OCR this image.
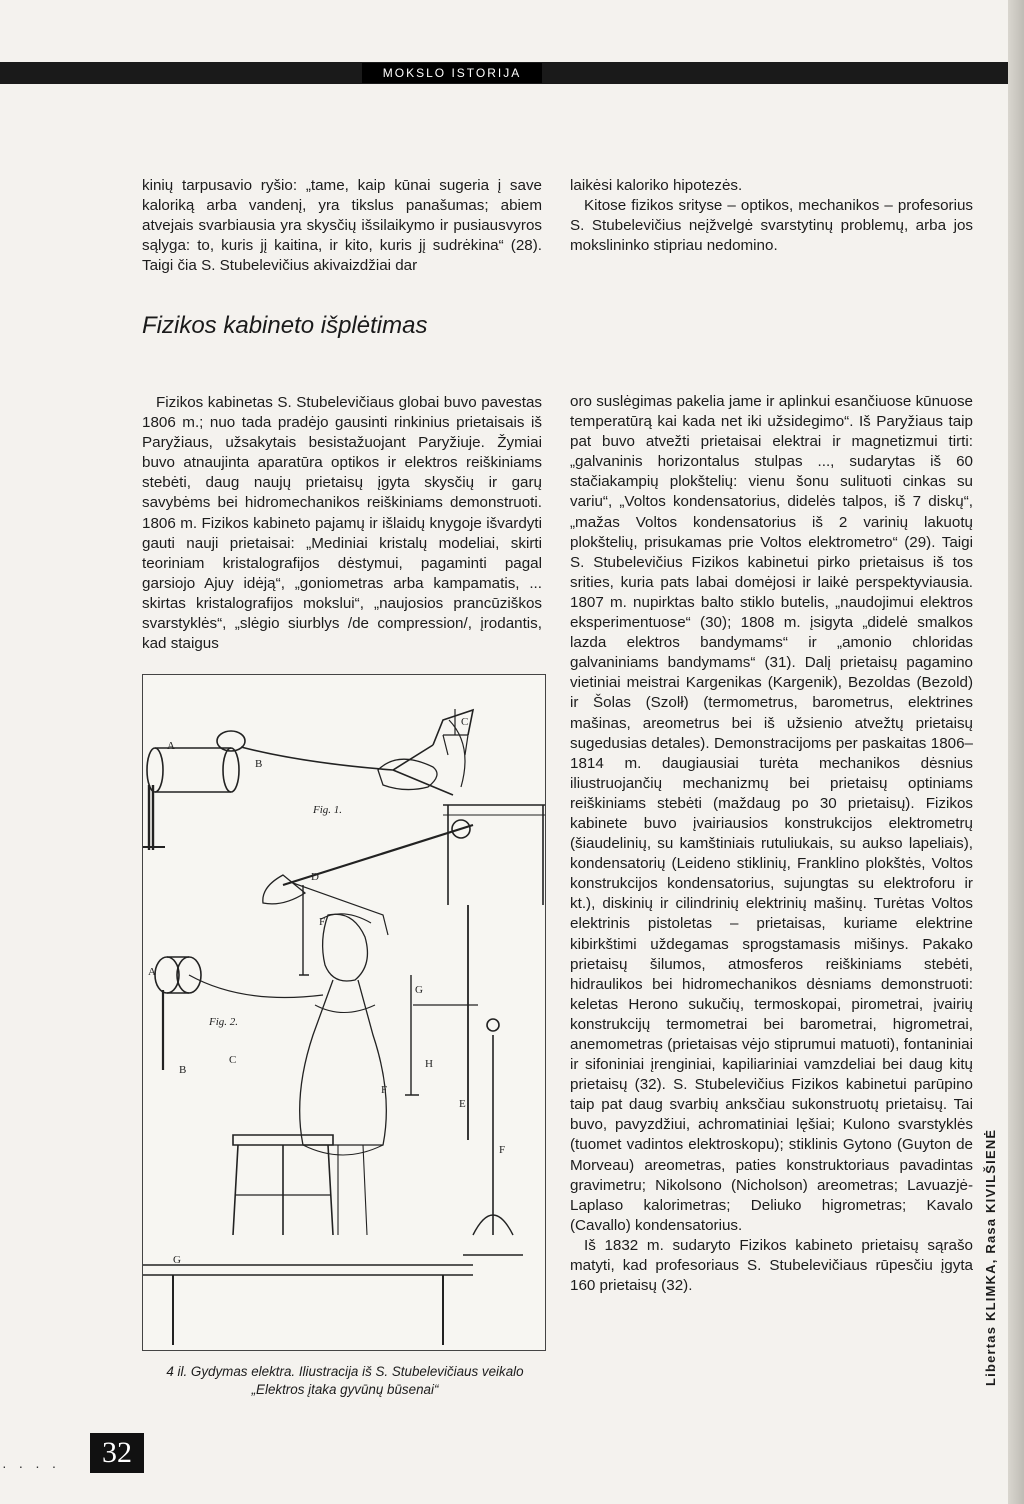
MOKSLO ISTORIJA

kinių tarpusavio ryšio: „tame, kaip kūnai sugeria į save kaloriką arba vandenį, yra tikslus panašumas; abiem atvejais svarbiausia yra skysčių išsilaikymo ir pusiausvyros sąlyga: to, kuris jį kaitina, ir kito, kuris jį sudrėkina“ (28). Taigi čia S. Stubelevičius akivaizdžiai dar

Fizikos kabineto išplėtimas

Fizikos kabinetas S. Stubelevičiaus globai buvo pavestas 1806 m.; nuo tada pradėjo gausinti rinkinius prietaisais iš Paryžiaus, užsakytais besistažuojant Paryžiuje. Žymiai buvo atnaujinta aparatūra optikos ir elektros reiškiniams stebėti, daug naujų prietaisų įgyta skysčių ir garų savybėms bei hidromechanikos reiškiniams demonstruoti. 1806 m. Fizikos kabineto pajamų ir išlaidų knygoje išvardyti gauti nauji prietaisai: „Mediniai kristalų modeliai, skirti teoriniam kristalografijos dėstymui, pagaminti pagal garsiojo Ajuy idėją“, „goniometras arba kampamatis, ... skirtas kristalografijos mokslui“, „naujosios prancūziškos svarstyklės“, „slėgio siurblys /de compression/, įrodantis, kad staigus

laikėsi kaloriko hipotezės.

Kitose fizikos srityse – optikos, mechanikos – profesorius S. Stubelevičius neįžvelgė svarstytinų problemų, arba jos mokslininko stipriau nedomino.

oro suslėgimas pakelia jame ir aplinkui esančiuose kūnuose temperatūrą kai kada net iki užsidegimo“. Iš Paryžiaus taip pat buvo atvežti prietaisai elektrai ir magnetizmui tirti: „galvaninis horizontalus stulpas ..., sudarytas iš 60 stačiakampių plokštelių: vienu šonu sulituoti cinkas su variu“, „Voltos kondensatorius, didelės talpos, iš 7 diskų“, „mažas Voltos kondensatorius iš 2 varinių lakuotų plokštelių, prisukamas prie Voltos elektrometro“ (29). Taigi S. Stubelevičius Fizikos kabinetui pirko prietaisus iš tos srities, kuria pats labai domėjosi ir laikė perspektyviausia. 1807 m. nupirktas balto stiklo butelis, „naudojimui elektros eksperimentuose“ (30); 1808 m. įsigyta „didelė smalkos lazda elektros bandymams“ ir „amonio chloridas galvaniniams bandymams“ (31). Dalį prietaisų pagamino vietiniai meistrai Kargenikas (Kargenik), Bezoldas (Bezold) ir Šolas (Szolł) (termometrus, barometrus, elektrines mašinas, areometrus bei iš užsienio atvežtų prietaisų sugedusias detales). Demonstracijoms per paskaitas 1806–1814 m. daugiausiai turėta mechanikos dėsnius iliustruojančių mechanizmų bei prietaisų optiniams reiškiniams stebėti (maždaug po 30 prietaisų). Fizikos kabinete buvo įvairiausios konstrukcijos elektrometrų (šiaudelinių, su kamštiniais rutuliukais, su aukso lapeliais), kondensatorių (Leideno stiklinių, Franklino plokštės, Voltos konstrukcijos kondensatorius, sujungtas su elektroforu ir kt.), diskinių ir cilindrinių elektrinių mašinų. Turėtas Voltos elektrinis pistoletas – prietaisas, kuriame elektrine kibirkštimi uždegamas sprogstamasis mišinys. Pakako prietaisų šilumos, atmosferos reiškiniams stebėti, hidraulikos bei hidromechanikos dėsniams demonstruoti: keletas Herono sukučių, termoskopai, pirometrai, įvairių konstrukcijų termometrai bei barometrai, higrometrai, anemometras (prietaisas vėjo stiprumui matuoti), fontaniniai ir sifoniniai įrenginiai, kapiliariniai vamzdeliai bei daug kitų prietaisų (32). S. Stubelevičius Fizikos kabinetui parūpino taip pat daug svarbių anksčiau sukonstruotų prietaisų. Tai buvo, pavyzdžiui, achromatiniai lęšiai; Kulono svarstyklės (tuomet vadintos elektroskopu); stiklinis Gytono (Guyton de Morveau) areometras, paties konstruktoriaus pavadintas gravimetru; Nikolsono (Nicholson) areometras; Lavuazjė-Laplaso kalorimetras; Deliuko higrometras; Kavalo (Cavallo) kondensatorius.

Iš 1832 m. sudaryto Fizikos kabineto prietaisų sąrašo matyti, kad profesoriaus S. Stubelevičiaus rūpesčiu įgyta 160 prietaisų (32).

A
B
C
Fig. 1.
D
F
A
G
Fig. 2.
C	H
B
F
E
F
G
4 il. Gydymas elektra. Iliustracija iš S. Stubelevičiaus veikalo
„Elektros įtaka gyvūnų būsenai“
· · · ·	32
Libertas KLIMKA, Rasa KIVILŠIENĖ
